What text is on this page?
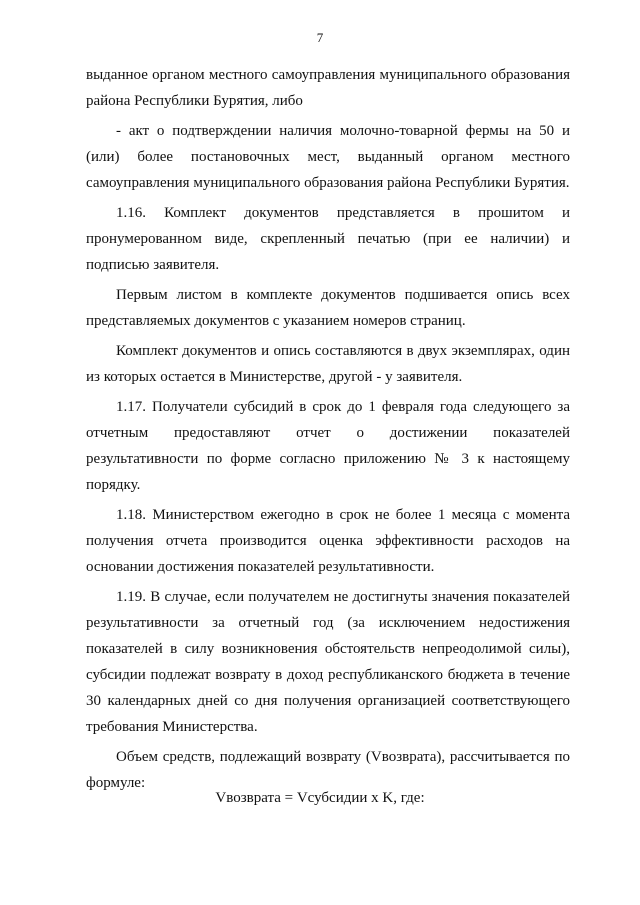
7

выданное органом местного самоуправления муниципального образования района Республики Бурятия, либо

- акт о подтверждении наличия молочно-товарной фермы на 50 и (или) более постановочных мест, выданный органом местного самоуправления муниципального образования района Республики Бурятия.

1.16. Комплект документов представляется в прошитом и пронумерованном виде, скрепленный печатью (при ее наличии) и подписью заявителя.

Первым листом в комплекте документов подшивается опись всех представляемых документов с указанием номеров страниц.

Комплект документов и опись составляются в двух экземплярах, один из которых остается в Министерстве, другой - у заявителя.

1.17. Получатели субсидий в срок до 1 февраля года следующего за отчетным предоставляют отчет о достижении показателей результативности по форме согласно приложению № 3 к настоящему порядку.

1.18. Министерством ежегодно в срок не более 1 месяца с момента получения отчета производится оценка эффективности расходов на основании достижения показателей результативности.

1.19. В случае, если получателем не достигнуты значения показателей результативности за отчетный год (за исключением недостижения показателей в силу возникновения обстоятельств непреодолимой силы), субсидии подлежат возврату в доход республиканского бюджета в течение 30 календарных дней со дня получения организацией соответствующего требования Министерства.

Объем средств, подлежащий возврату (Vвозврата), рассчитывается по формуле:

Vвозврата = Vсубсидии x K, где:
